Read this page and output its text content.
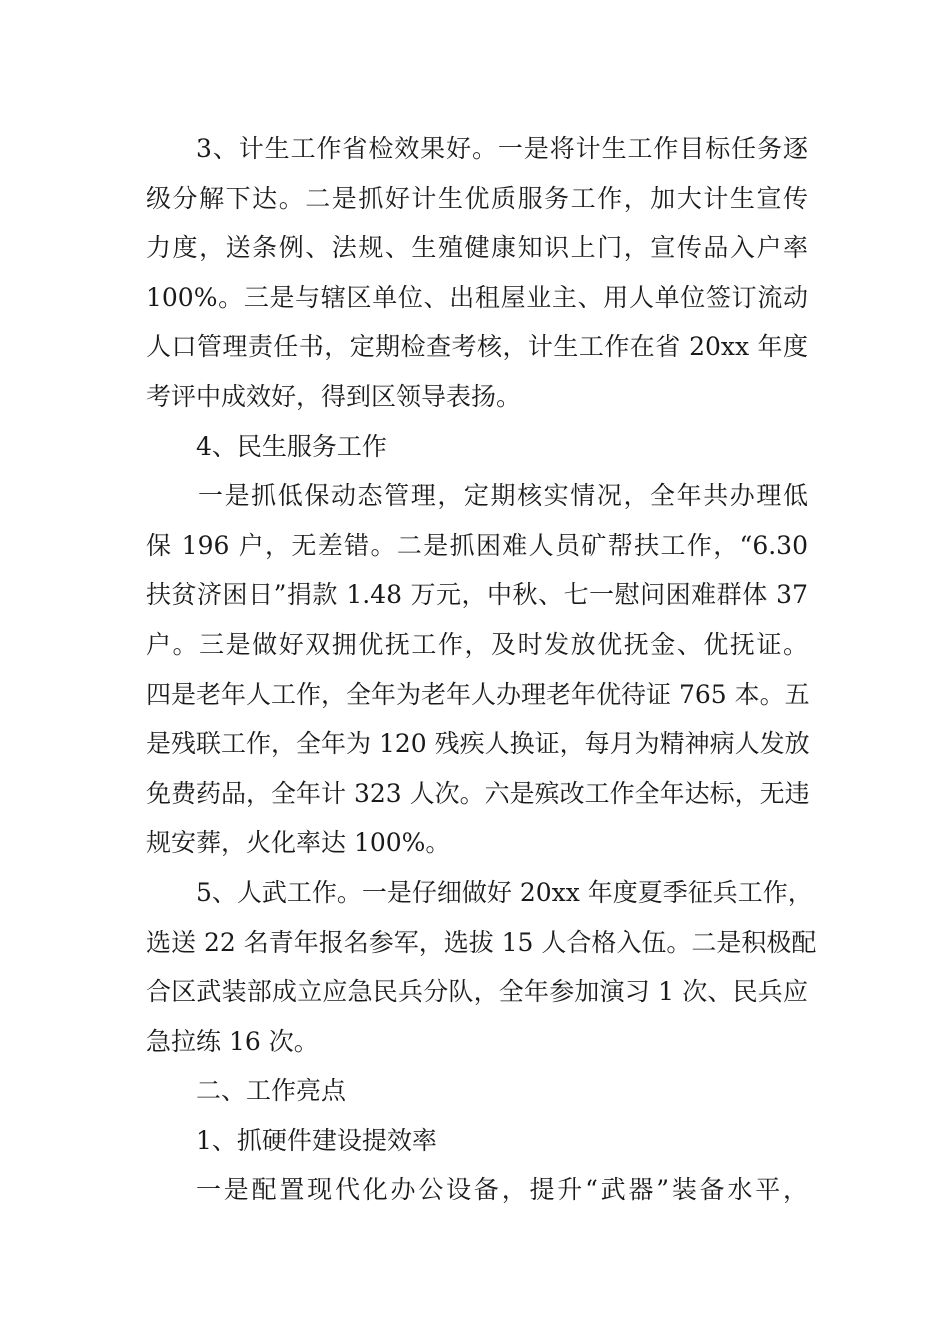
3、计生工作省检效果好。一是将计生工作目标任务逐
级分解下达。二是抓好计生优质服务工作，加大计生宣传
力度，送条例、法规、生殖健康知识上门，宣传品入户率
100%。三是与辖区单位、出租屋业主、用人单位签订流动
人口管理责任书，定期检查考核，计生工作在省 20xx 年度
考评中成效好，得到区领导表扬。
4、民生服务工作
一是抓低保动态管理，定期核实情况，全年共办理低
保 196 户，无差错。二是抓困难人员矿帮扶工作，“6.30
扶贫济困日”捐款 1.48 万元，中秋、七一慰问困难群体 37
户。三是做好双拥优抚工作，及时发放优抚金、优抚证。
四是老年人工作，全年为老年人办理老年优待证 765 本。五
是残联工作，全年为 120 残疾人换证，每月为精神病人发放
免费药品，全年计 323 人次。六是殡改工作全年达标，无违
规安葬，火化率达 100%。
5、人武工作。一是仔细做好 20xx 年度夏季征兵工作，
选送 22 名青年报名参军，选拔 15 人合格入伍。二是积极配
合区武装部成立应急民兵分队，全年参加演习 1 次、民兵应
急拉练 16 次。
二、工作亮点
1、抓硬件建设提效率
一是配置现代化办公设备，提升“武器”装备水平，
